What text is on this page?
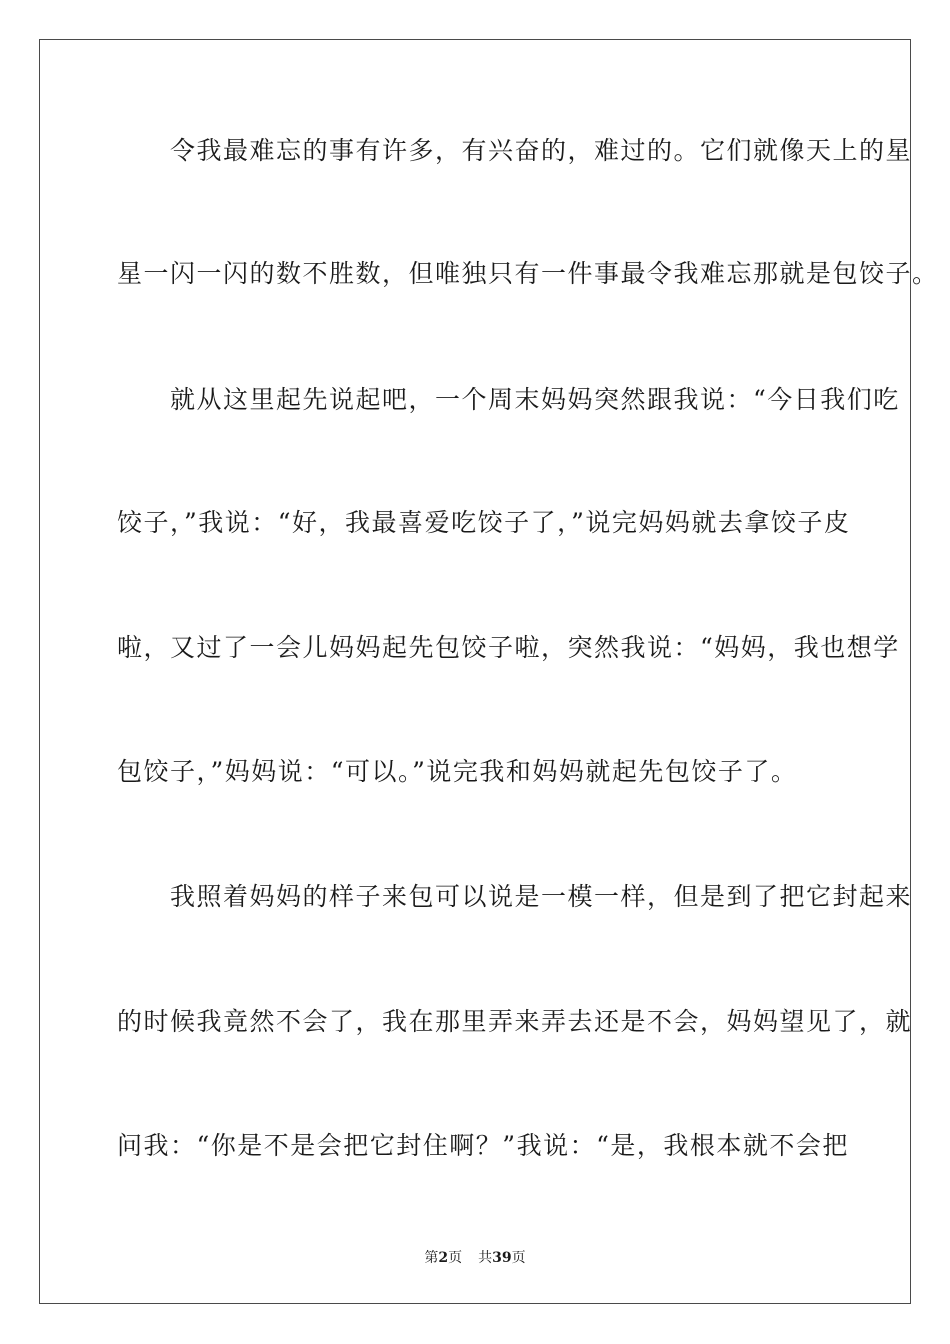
　　令我最难忘的事有许多，有兴奋的，难过的。它们就像天上的星
星一闪一闪的数不胜数，但唯独只有一件事最令我难忘那就是包饺子。
　　就从这里起先说起吧，一个周末妈妈突然跟我说：“今日我们吃
饺子，”我说：“好，我最喜爱吃饺子了，”说完妈妈就去拿饺子皮
啦，又过了一会儿妈妈起先包饺子啦，突然我说：“妈妈，我也想学
包饺子，”妈妈说：“可以。”说完我和妈妈就起先包饺子了。
　　我照着妈妈的样子来包可以说是一模一样，但是到了把它封起来
的时候我竟然不会了，我在那里弄来弄去还是不会，妈妈望见了，就
问我：“你是不是会把它封住啊？”我说：“是，我根本就不会把
第2页 共39页
